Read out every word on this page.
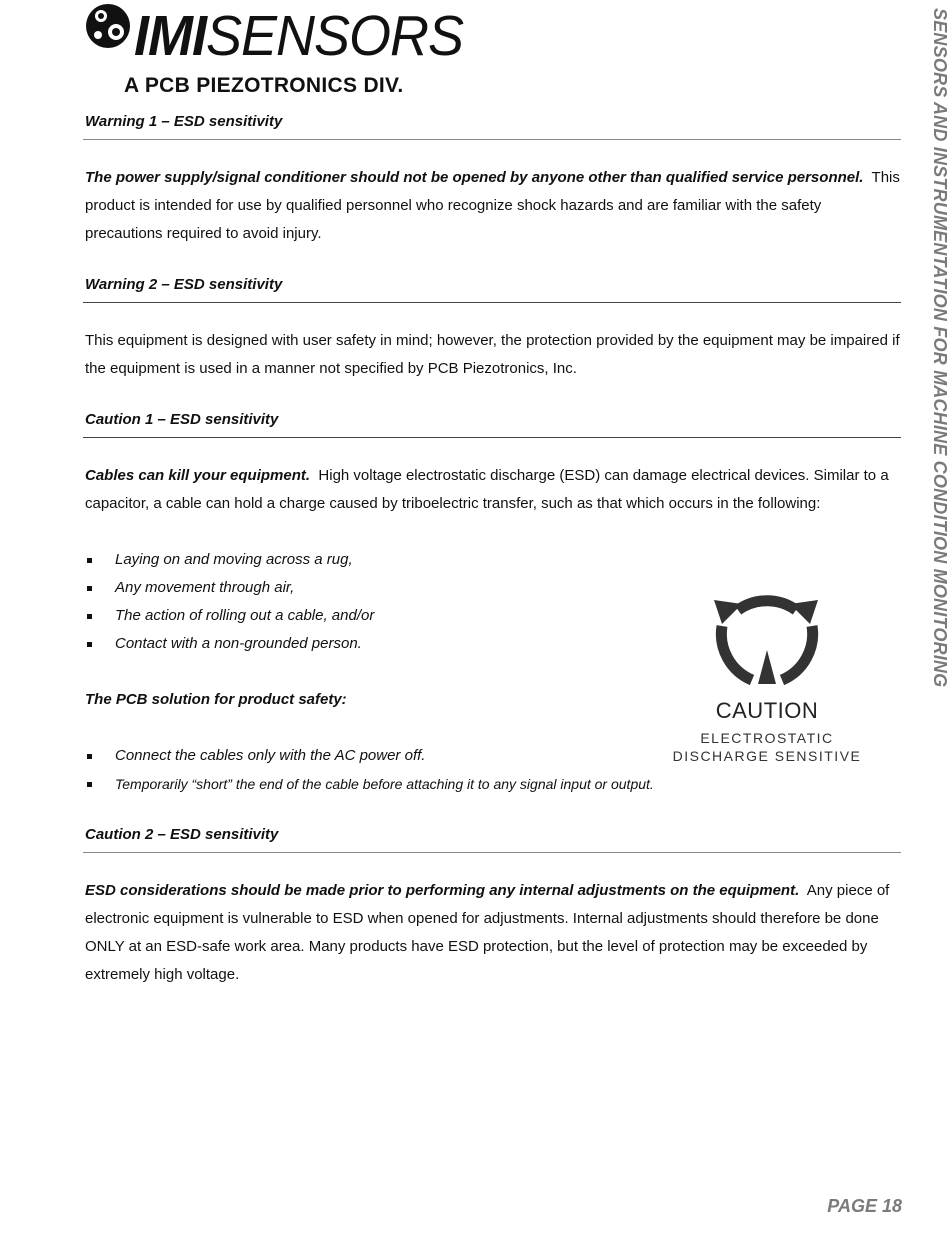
IMISENSORS
A PCB PIEZOTRONICS DIV.	SENSORS AND INSTRUMENTATION FOR MACHINE CONDITION MONITORING
Warning 1 – ESD sensitivity

The power supply/signal conditioner should not be opened by anyone other than qualified service personnel. This product is intended for use by qualified personnel who recognize shock hazards and are familiar with the safety precautions required to avoid injury.

Warning 2 – ESD sensitivity

This equipment is designed with user safety in mind; however, the protection provided by the equipment may be impaired if the equipment is used in a manner not specified by PCB Piezotronics, Inc.

Caution 1 – ESD sensitivity

Cables can kill your equipment. High voltage electrostatic discharge (ESD) can damage electrical devices. Similar to a capacitor, a cable can hold a charge caused by triboelectric transfer, such as that which occurs in the following:

Laying on and moving across a rug,
Any movement through air,
The action of rolling out a cable, and/or
Contact with a non-grounded person.
The PCB solution for product safety:
Connect the cables only with the AC power off.
Temporarily “short” the end of the cable before attaching it to any signal input or output.
Caution 2 – ESD sensitivity

ESD considerations should be made prior to performing any internal adjustments on the equipment. Any piece of electronic equipment is vulnerable to ESD when opened for adjustments. Internal adjustments should therefore be done ONLY at an ESD-safe work area. Many products have ESD protection, but the level of protection may be exceeded by extremely high voltage.

CAUTION
ELECTROSTATIC
DISCHARGE SENSITIVE
PAGE 18
